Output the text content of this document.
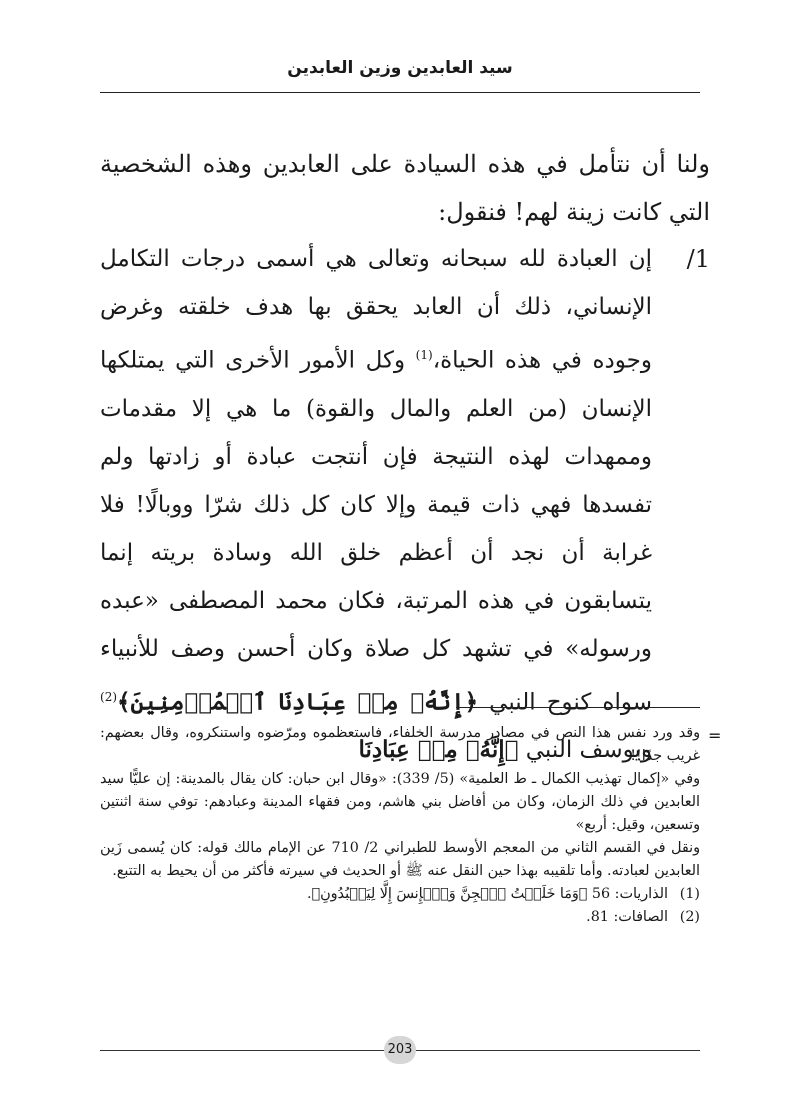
سيد العابدين وزين العابدين
ولنا أن نتأمل في هذه السيادة على العابدين وهذه الشخصية التي كانت زينة لهم! فنقول:
1/

إن العبادة لله سبحانه وتعالى هي أسمى درجات التكامل الإنساني، ذلك أن العابد يحقق بها هدف خلقته وغرض وجوده في هذه الحياة،$^{(1)}$ وكل الأمور الأخرى التي يمتلكها الإنسان (من العلم والمال والقوة) ما هي إلا مقدمات وممهدات لهذه النتيجة فإن أنتجت عبادة أو زادتها ولم تفسدها فهي ذات قيمة وإلا كان كل ذلك شرّا ووبالًا! فلا غرابة أن نجد أن أعظم خلق الله وسادة بريته إنما يتسابقون في هذه المرتبة، فكان محمد المصطفى «عبده ورسوله» في تشهد كل صلاة وكان أحسن وصف للأنبياء سواه كنوح النبي ﴿إِنَّهُۥ مِنۡ عِبَادِنَا ٱلۡمُؤۡمِنِينَ﴾$^{(2)}$ ويوسف النبي ﴿إِنَّهُۥ مِنۡ عِبَادِنَا

=

وقد ورد نفس هذا النص في مصادر مدرسة الخلفاء، فاستعظموه ومرّضوه واستنكروه، وقال بعضهم: غريب جدًا!!

وفي «إكمال تهذيب الكمال ـ ط العلمية» (5/ 339): «وقال ابن حبان: كان يقال بالمدينة: إن عليًّا سيد العابدين في ذلك الزمان، وكان من أفاضل بني هاشم، ومن فقهاء المدينة وعبادهم: توفي سنة اثنتين وتسعين، وقيل: أربع»

ونقل في القسم الثاني من المعجم الأوسط للطبراني 2/ 710 عن الإمام مالك قوله: كان يُسمى زَين العابدين لعبادته. وأما تلقيبه بهذا حين النقل عنه ﷺ أو الحديث في سيرته فأكثر من أن يحيط به التتبع.

(1)
الذاريات: 56 ﴿وَمَا خَلَقۡتُ ٱلۡجِنَّ وَٱلۡإِنسَ إِلَّا لِيَعۡبُدُونِ﴾.
(2)
الصافات: 81.
203
